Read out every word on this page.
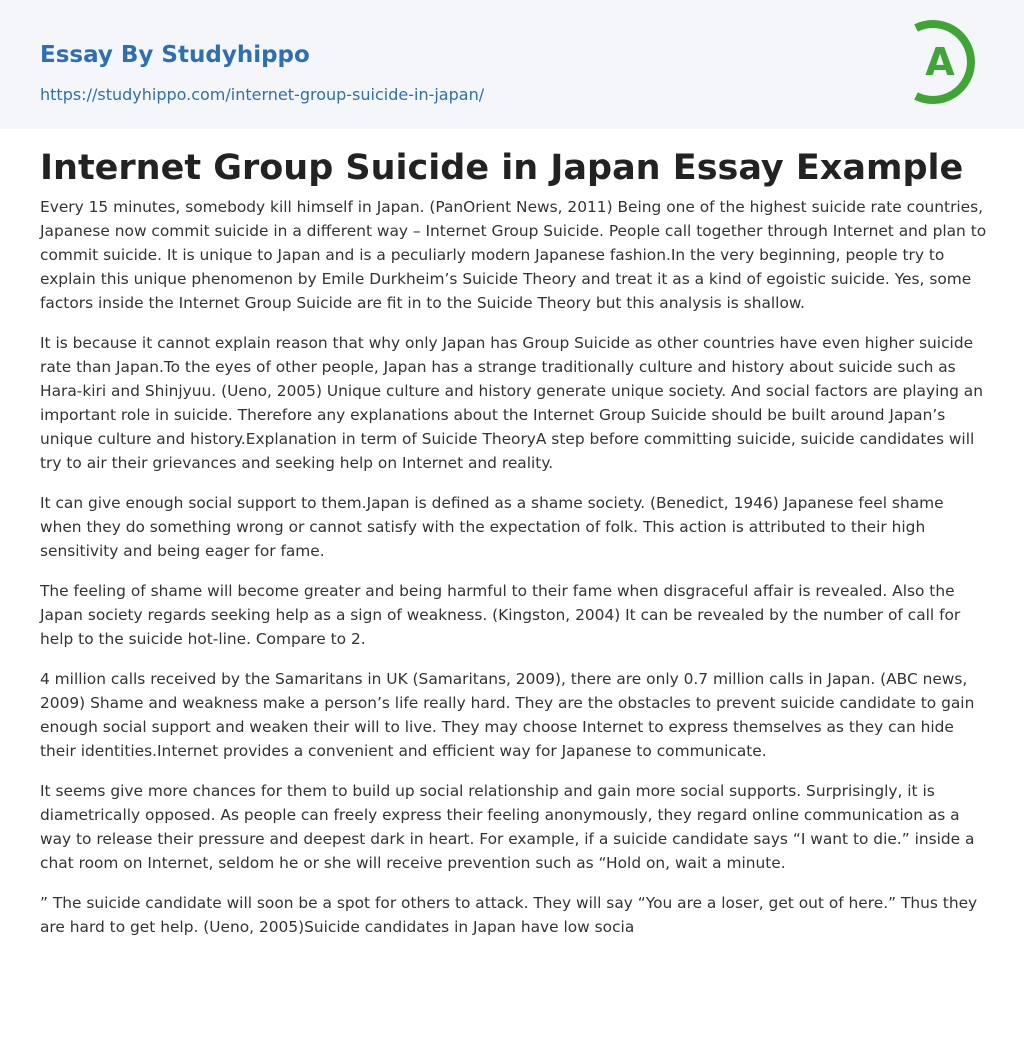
Essay By Studyhippo
https://studyhippo.com/internet-group-suicide-in-japan/
A
Internet Group Suicide in Japan Essay Example

Every 15 minutes, somebody kill himself in Japan. (PanOrient News, 2011) Being one of the highest suicide rate countries, Japanese now commit suicide in a different way – Internet Group Suicide. People call together through Internet and plan to commit suicide. It is unique to Japan and is a peculiarly modern Japanese fashion.In the very beginning, people try to explain this unique phenomenon by Emile Durkheim’s Suicide Theory and treat it as a kind of egoistic suicide. Yes, some factors inside the Internet Group Suicide are fit in to the Suicide Theory but this analysis is shallow.

It is because it cannot explain reason that why only Japan has Group Suicide as other countries have even higher suicide rate than Japan.To the eyes of other people, Japan has a strange traditionally culture and history about suicide such as Hara-kiri and Shinjyuu. (Ueno, 2005) Unique culture and history generate unique society. And social factors are playing an important role in suicide. Therefore any explanations about the Internet Group Suicide should be built around Japan’s unique culture and history.Explanation in term of Suicide TheoryA step before committing suicide, suicide candidates will try to air their grievances and seeking help on Internet and reality.

It can give enough social support to them.Japan is defined as a shame society. (Benedict, 1946) Japanese feel shame when they do something wrong or cannot satisfy with the expectation of folk. This action is attributed to their high sensitivity and being eager for fame.

The feeling of shame will become greater and being harmful to their fame when disgraceful affair is revealed. Also the Japan society regards seeking help as a sign of weakness. (Kingston, 2004) It can be revealed by the number of call for help to the suicide hot-line. Compare to 2.

4 million calls received by the Samaritans in UK (Samaritans, 2009), there are only 0.7 million calls in Japan. (ABC news, 2009) Shame and weakness make a person’s life really hard. They are the obstacles to prevent suicide candidate to gain enough social support and weaken their will to live. They may choose Internet to express themselves as they can hide their identities.Internet provides a convenient and efficient way for Japanese to communicate.

It seems give more chances for them to build up social relationship and gain more social supports. Surprisingly, it is diametrically opposed. As people can freely express their feeling anonymously, they regard online communication as a way to release their pressure and deepest dark in heart. For example, if a suicide candidate says “I want to die.” inside a chat room on Internet, seldom he or she will receive prevention such as “Hold on, wait a minute.

” The suicide candidate will soon be a spot for others to attack. They will say “You are a loser, get out of here.” Thus they are hard to get help. (Ueno, 2005)Suicide candidates in Japan have low socia
